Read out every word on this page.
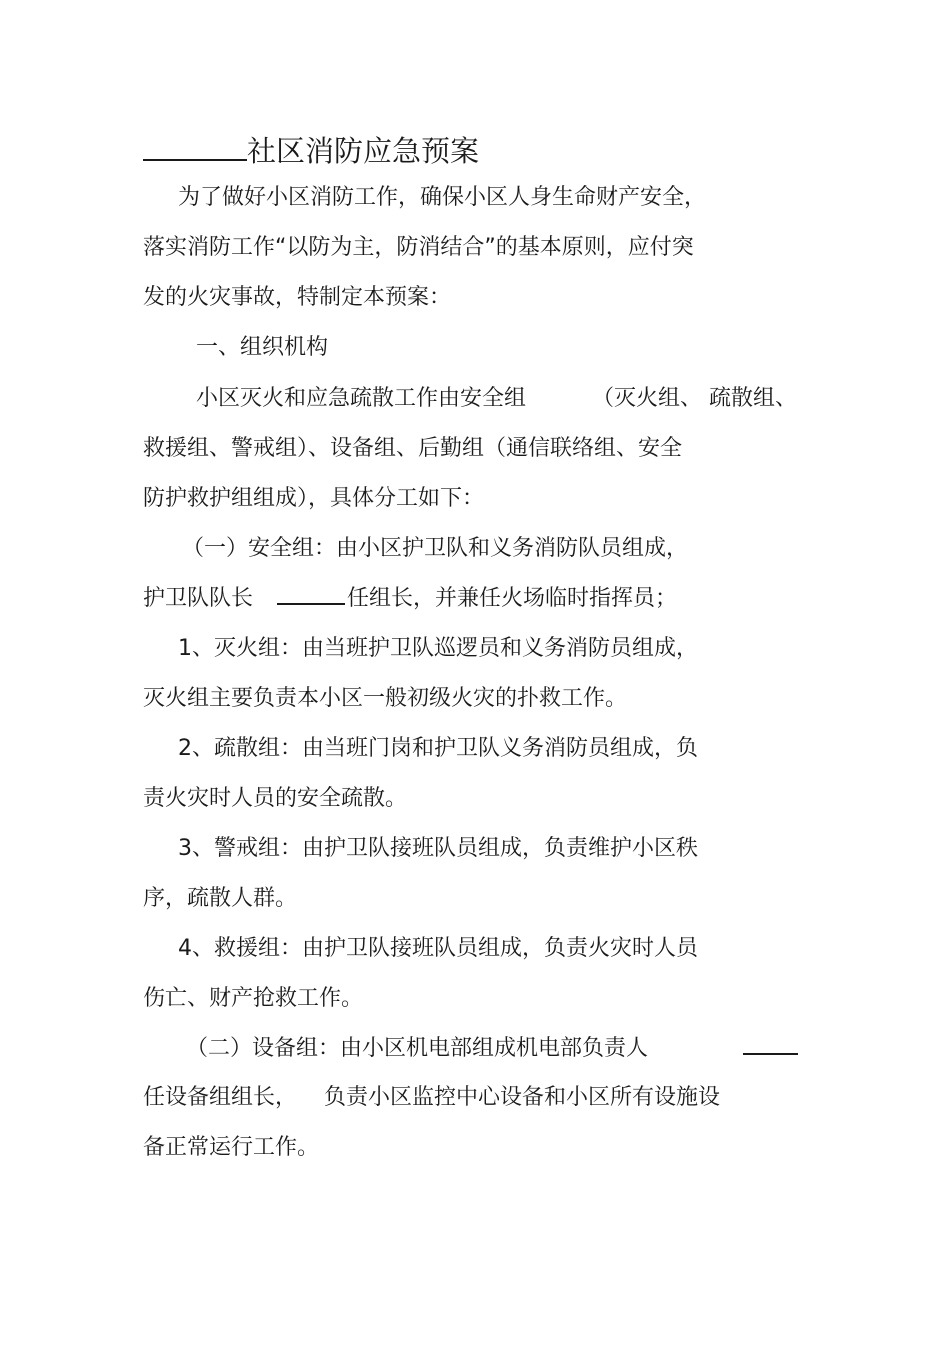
社区消防应急预案
为了做好小区消防工作，确保小区人身生命财产安全，
落实消防工作“以防为主，防消结合”的基本原则，应付突
发的火灾事故，特制定本预案：
一、组织机构
小区灭火和应急疏散工作由安全组	（灭火组、 疏散组、
救援组、警戒组）、设备组、后勤组（通信联络组、安全
防护救护组组成），具体分工如下：
（一）安全组：由小区护卫队和义务消防队员组成，
护卫队队长	任组长，并兼任火场临时指挥员；
1、灭火组：由当班护卫队巡逻员和义务消防员组成，
灭火组主要负责本小区一般初级火灾的扑救工作。
2、疏散组：由当班门岗和护卫队义务消防员组成，负
责火灾时人员的安全疏散。
3、警戒组：由护卫队接班队员组成，负责维护小区秩
序，疏散人群。
4、救援组：由护卫队接班队员组成，负责火灾时人员
伤亡、财产抢救工作。
（二）设备组：由小区机电部组成机电部负责人
任设备组组长， 负责小区监控中心设备和小区所有设施设
备正常运行工作。
